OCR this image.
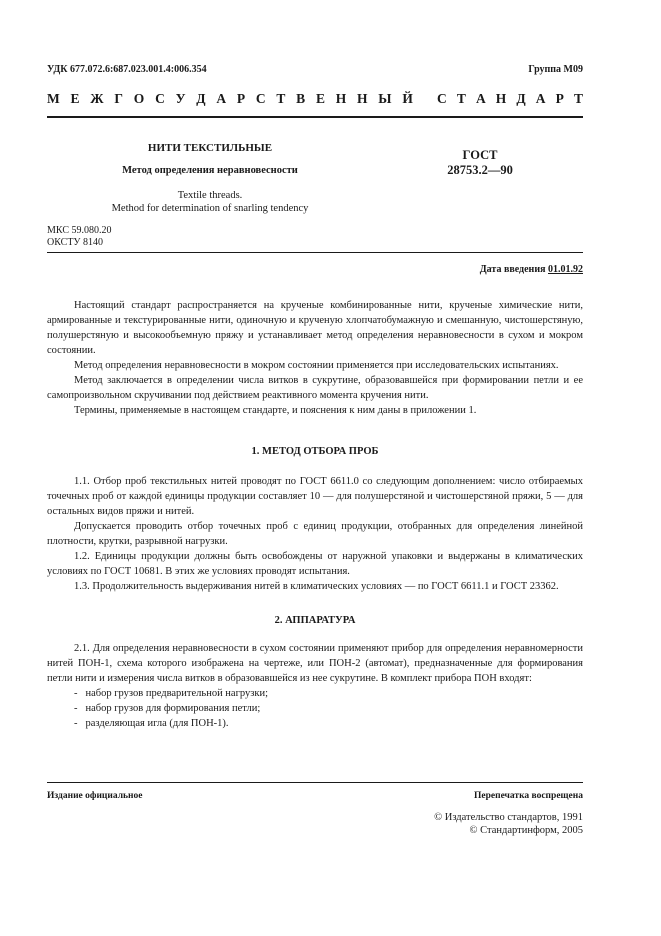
УДК 677.072.6:687.023.001.4:006.354	Группа М09
М Е Ж Г О С У Д А Р С Т В Е Н Н Ы Й С Т А Н Д А Р Т
НИТИ ТЕКСТИЛЬНЫЕ
Метод определения неравновесности
Textile threads.
Method for determination of snarling tendency
ГОСТ
28753.2—90
МКС 59.080.20
ОКСТУ 8140
Дата введения 01.01.92

Настоящий стандарт распространяется на крученые комбинированные нити, крученые химические нити, армированные и текстурированные нити, одиночную и крученую хлопчатобумажную и смешанную, чистошерстяную, полушерстяную и высокообъемную пряжу и устанавливает метод определения неравновесности в сухом и мокром состоянии.

Метод определения неравновесности в мокром состоянии применяется при исследовательских испытаниях.

Метод заключается в определении числа витков в сукрутине, образовавшейся при формировании петли и ее самопроизвольном скручивании под действием реактивного момента кручения нити.

Термины, применяемые в настоящем стандарте, и пояснения к ним даны в приложении 1.

1. МЕТОД ОТБОРА ПРОБ

1.1. Отбор проб текстильных нитей проводят по ГОСТ 6611.0 со следующим дополнением: число отбираемых точечных проб от каждой единицы продукции составляет 10 — для полушерстяной и чистошерстяной пряжи, 5 — для остальных видов пряжи и нитей.

Допускается проводить отбор точечных проб с единиц продукции, отобранных для определения линейной плотности, крутки, разрывной нагрузки.

1.2. Единицы продукции должны быть освобождены от наружной упаковки и выдержаны в климатических условиях по ГОСТ 10681. В этих же условиях проводят испытания.

1.3. Продолжительность выдерживания нитей в климатических условиях — по ГОСТ 6611.1 и ГОСТ 23362.

2. АППАРАТУРА

2.1. Для определения неравновесности в сухом состоянии применяют прибор для определения неравномерности нитей ПОН-1, схема которого изображена на чертеже, или ПОН-2 (автомат), предназначенные для формирования петли нити и измерения числа витков в образовавшейся из нее сукрутине. В комплект прибора ПОН входят:

- набор грузов предварительной нагрузки;
- набор грузов для формирования петли;
- разделяющая игла (для ПОН-1).
Издание официальное	Перепечатка воспрещена
© Издательство стандартов, 1991
© Стандартинформ, 2005
